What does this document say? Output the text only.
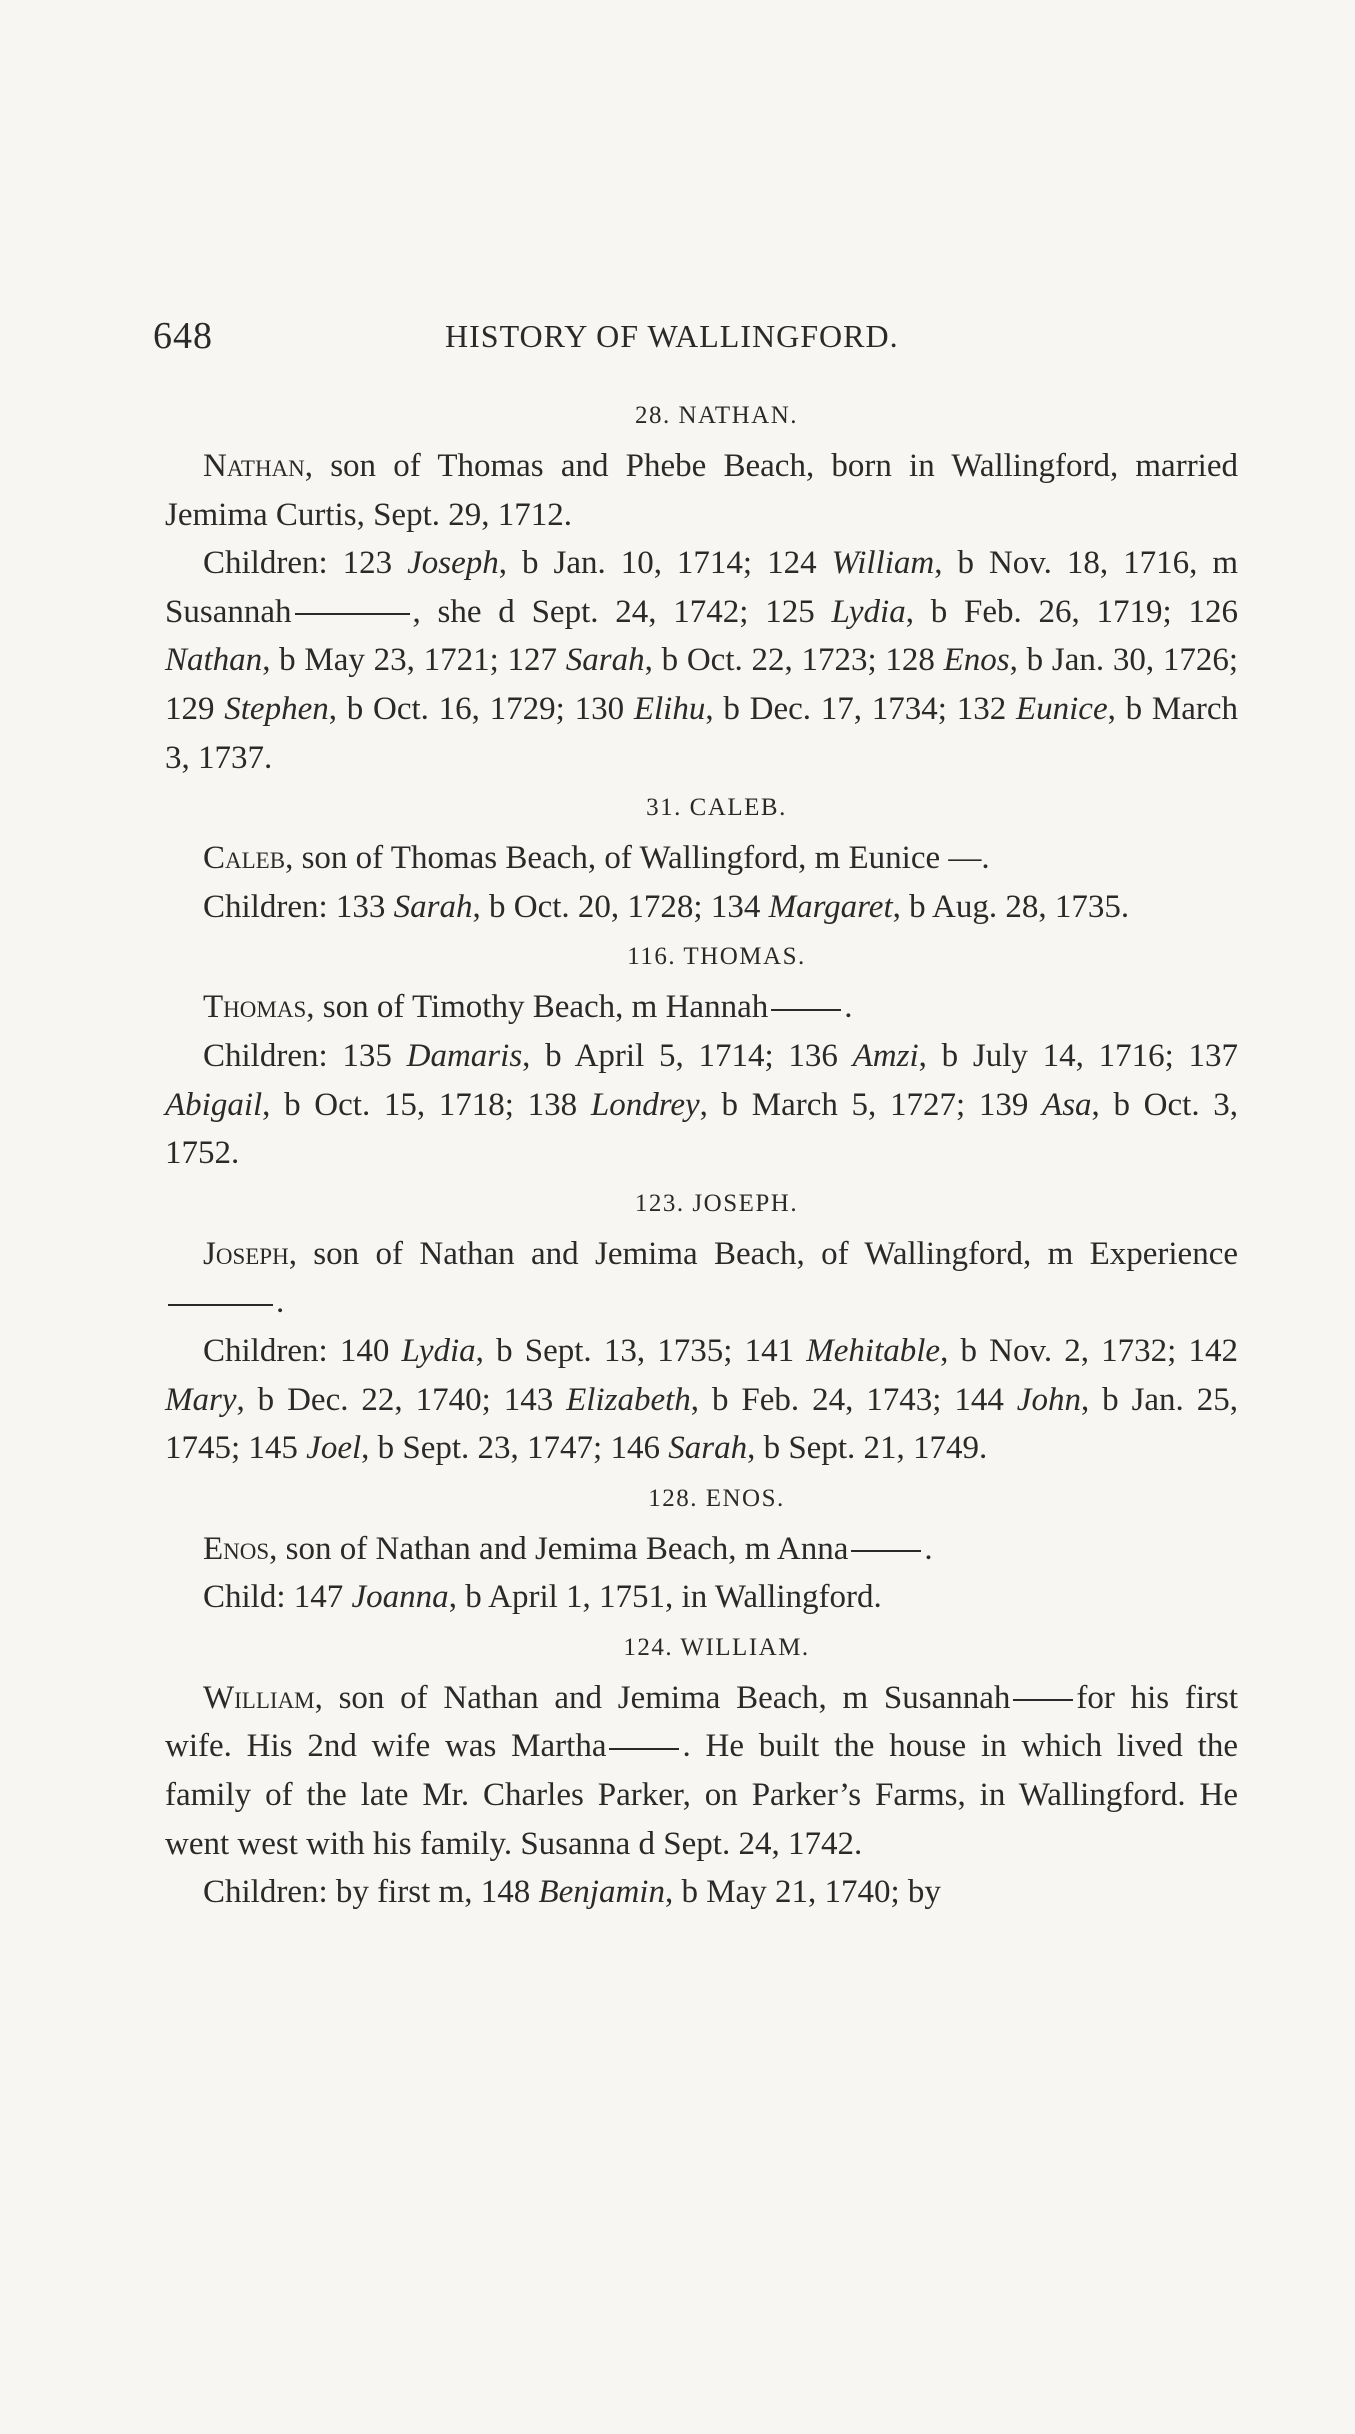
648	HISTORY OF WALLINGFORD.
28. NATHAN.

Nathan, son of Thomas and Phebe Beach, born in Wallingford, married Jemima Curtis, Sept. 29, 1712.

Children: 123 Joseph, b Jan. 10, 1714; 124 William, b Nov. 18, 1716, m Susannah	, she d Sept. 24, 1742; 125 Lydia, b Feb. 26, 1719; 126 Nathan, b May 23, 1721; 127 Sarah, b Oct. 22, 1723; 128 Enos, b Jan. 30, 1726; 129 Stephen, b Oct. 16, 1729; 130 Elihu, b Dec. 17, 1734; 132 Eunice, b March 3, 1737.

31. CALEB.

Caleb, son of Thomas Beach, of Wallingford, m Eunice —.

Children: 133 Sarah, b Oct. 20, 1728; 134 Margaret, b Aug. 28, 1735.

116. THOMAS.

Thomas, son of Timothy Beach, m Hannah .

Children: 135 Damaris, b April 5, 1714; 136 Amzi, b July 14, 1716; 137 Abigail, b Oct. 15, 1718; 138 Londrey, b March 5, 1727; 139 Asa, b Oct. 3, 1752.

123. JOSEPH.

Joseph, son of Nathan and Jemima Beach, of Wallingford, m Experience.

Children: 140 Lydia, b Sept. 13, 1735; 141 Mehitable, b Nov. 2, 1732; 142 Mary, b Dec. 22, 1740; 143 Elizabeth, b Feb. 24, 1743; 144 John, b Jan. 25, 1745; 145 Joel, b Sept. 23, 1747; 146 Sarah, b Sept. 21, 1749.

128. ENOS.

Enos, son of Nathan and Jemima Beach, m Anna .

Child: 147 Joanna, b April 1, 1751, in Wallingford.

124. WILLIAM.

William, son of Nathan and Jemima Beach, m Susannah for his first wife. His 2nd wife was Martha . He built the house in which lived the family of the late Mr. Charles Parker, on Parker’s Farms, in Wallingford. He went west with his family. Susanna d Sept. 24, 1742.

Children: by first m, 148 Benjamin, b May 21, 1740; by
